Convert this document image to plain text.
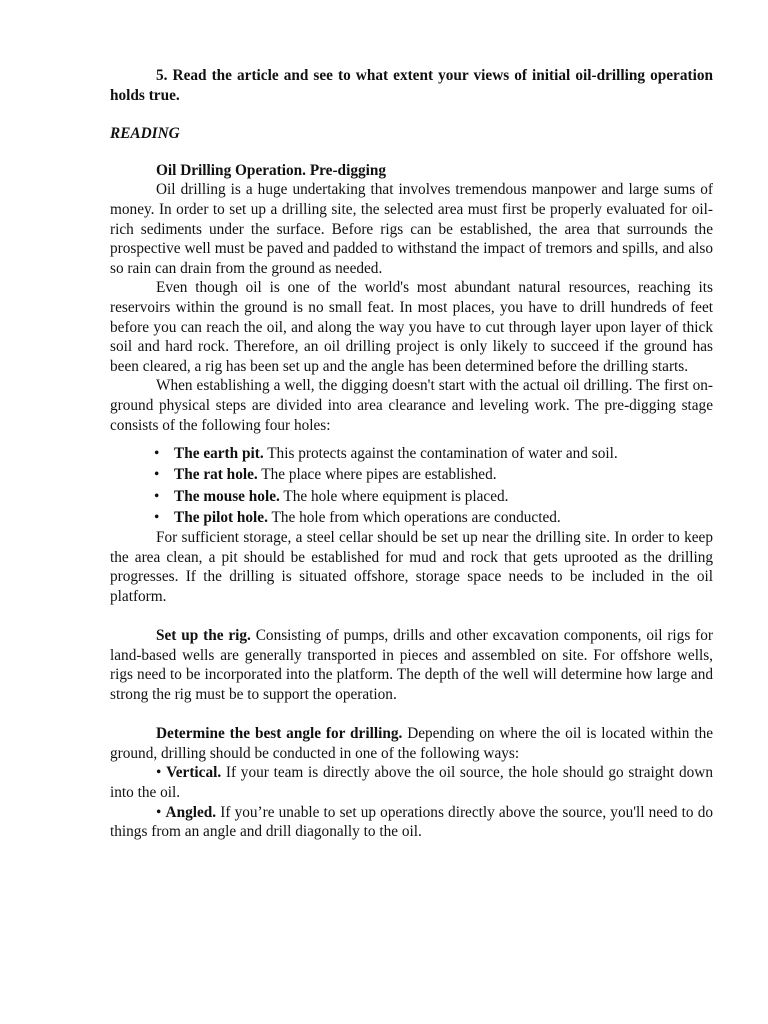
5. Read the article and see to what extent your views of initial oil-drilling operation holds true.

READING

Oil Drilling Operation. Pre-digging

Oil drilling is a huge undertaking that involves tremendous manpower and large sums of money. In order to set up a drilling site, the selected area must first be properly evaluated for oil-rich sediments under the surface. Before rigs can be established, the area that surrounds the prospective well must be paved and padded to withstand the impact of tremors and spills, and also so rain can drain from the ground as needed.

Even though oil is one of the world's most abundant natural resources, reaching its reservoirs within the ground is no small feat. In most places, you have to drill hundreds of feet before you can reach the oil, and along the way you have to cut through layer upon layer of thick soil and hard rock. Therefore, an oil drilling project is only likely to succeed if the ground has been cleared, a rig has been set up and the angle has been determined before the drilling starts.

When establishing a well, the digging doesn't start with the actual oil drilling. The first on-ground physical steps are divided into area clearance and leveling work. The pre-digging stage consists of the following four holes:

• The earth pit. This protects against the contamination of water and soil.
• The rat hole. The place where pipes are established.
• The mouse hole. The hole where equipment is placed.
• The pilot hole. The hole from which operations are conducted.

For sufficient storage, a steel cellar should be set up near the drilling site. In order to keep the area clean, a pit should be established for mud and rock that gets uprooted as the drilling progresses. If the drilling is situated offshore, storage space needs to be included in the oil platform.

Set up the rig. Consisting of pumps, drills and other excavation components, oil rigs for land-based wells are generally transported in pieces and assembled on site. For offshore wells, rigs need to be incorporated into the platform. The depth of the well will determine how large and strong the rig must be to support the operation.

Determine the best angle for drilling. Depending on where the oil is located within the ground, drilling should be conducted in one of the following ways:

• Vertical. If your team is directly above the oil source, the hole should go straight down into the oil.

• Angled. If you’re unable to set up operations directly above the source, you'll need to do things from an angle and drill diagonally to the oil.
